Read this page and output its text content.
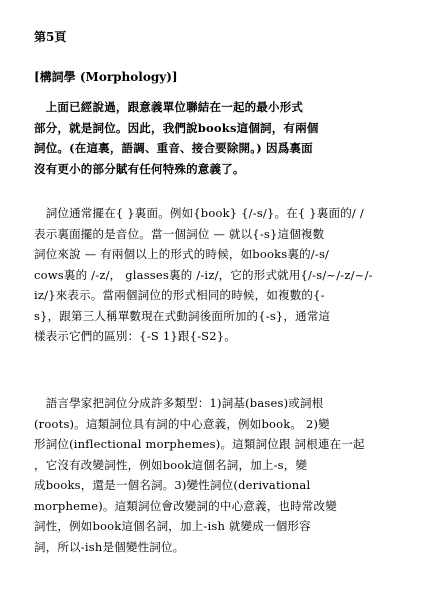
第5頁
[構詞學 (Morphology)]
　上面已經說過，跟意義單位聯結在一起的最小形式
部分，就是詞位。因此，我們說books這個詞，有兩個
詞位。(在這裏，語調、重音、接合要除開。) 因爲裏面
沒有更小的部分賦有任何特殊的意義了。
　詞位通常擺在{ }裏面。例如{book} {/-s/}。在{ }裏面的/ /
表示裏面擺的是音位。當一個詞位 — 就以{-s}這個複數
詞位來說 — 有兩個以上的形式的時候，如books裏的/-s/
cows裏的 /-z/， glasses裏的 /-iz/，它的形式就用{/-s/~/-z/~/-
iz/}來表示。當兩個詞位的形式相同的時候，如複數的{-
s}，跟第三人稱單數現在式動詞後面所加的{-s}，通常這
樣表示它們的區別：{-S 1}跟{-S2}。
　語言學家把詞位分成許多類型：1)詞基(bases)或詞根
(roots)。這類詞位具有詞的中心意義，例如book。 2)變
形詞位(inflectional morphemes)。這類詞位跟 詞根連在一起
，它沒有改變詞性，例如book這個名詞，加上-s，變
成books，還是一個名詞。3)變性詞位(derivational
morpheme)。這類詞位會改變詞的中心意義，也時常改變
詞性，例如book這個名詞，加上-ish 就變成一個形容
詞，所以-ish是個變性詞位。
